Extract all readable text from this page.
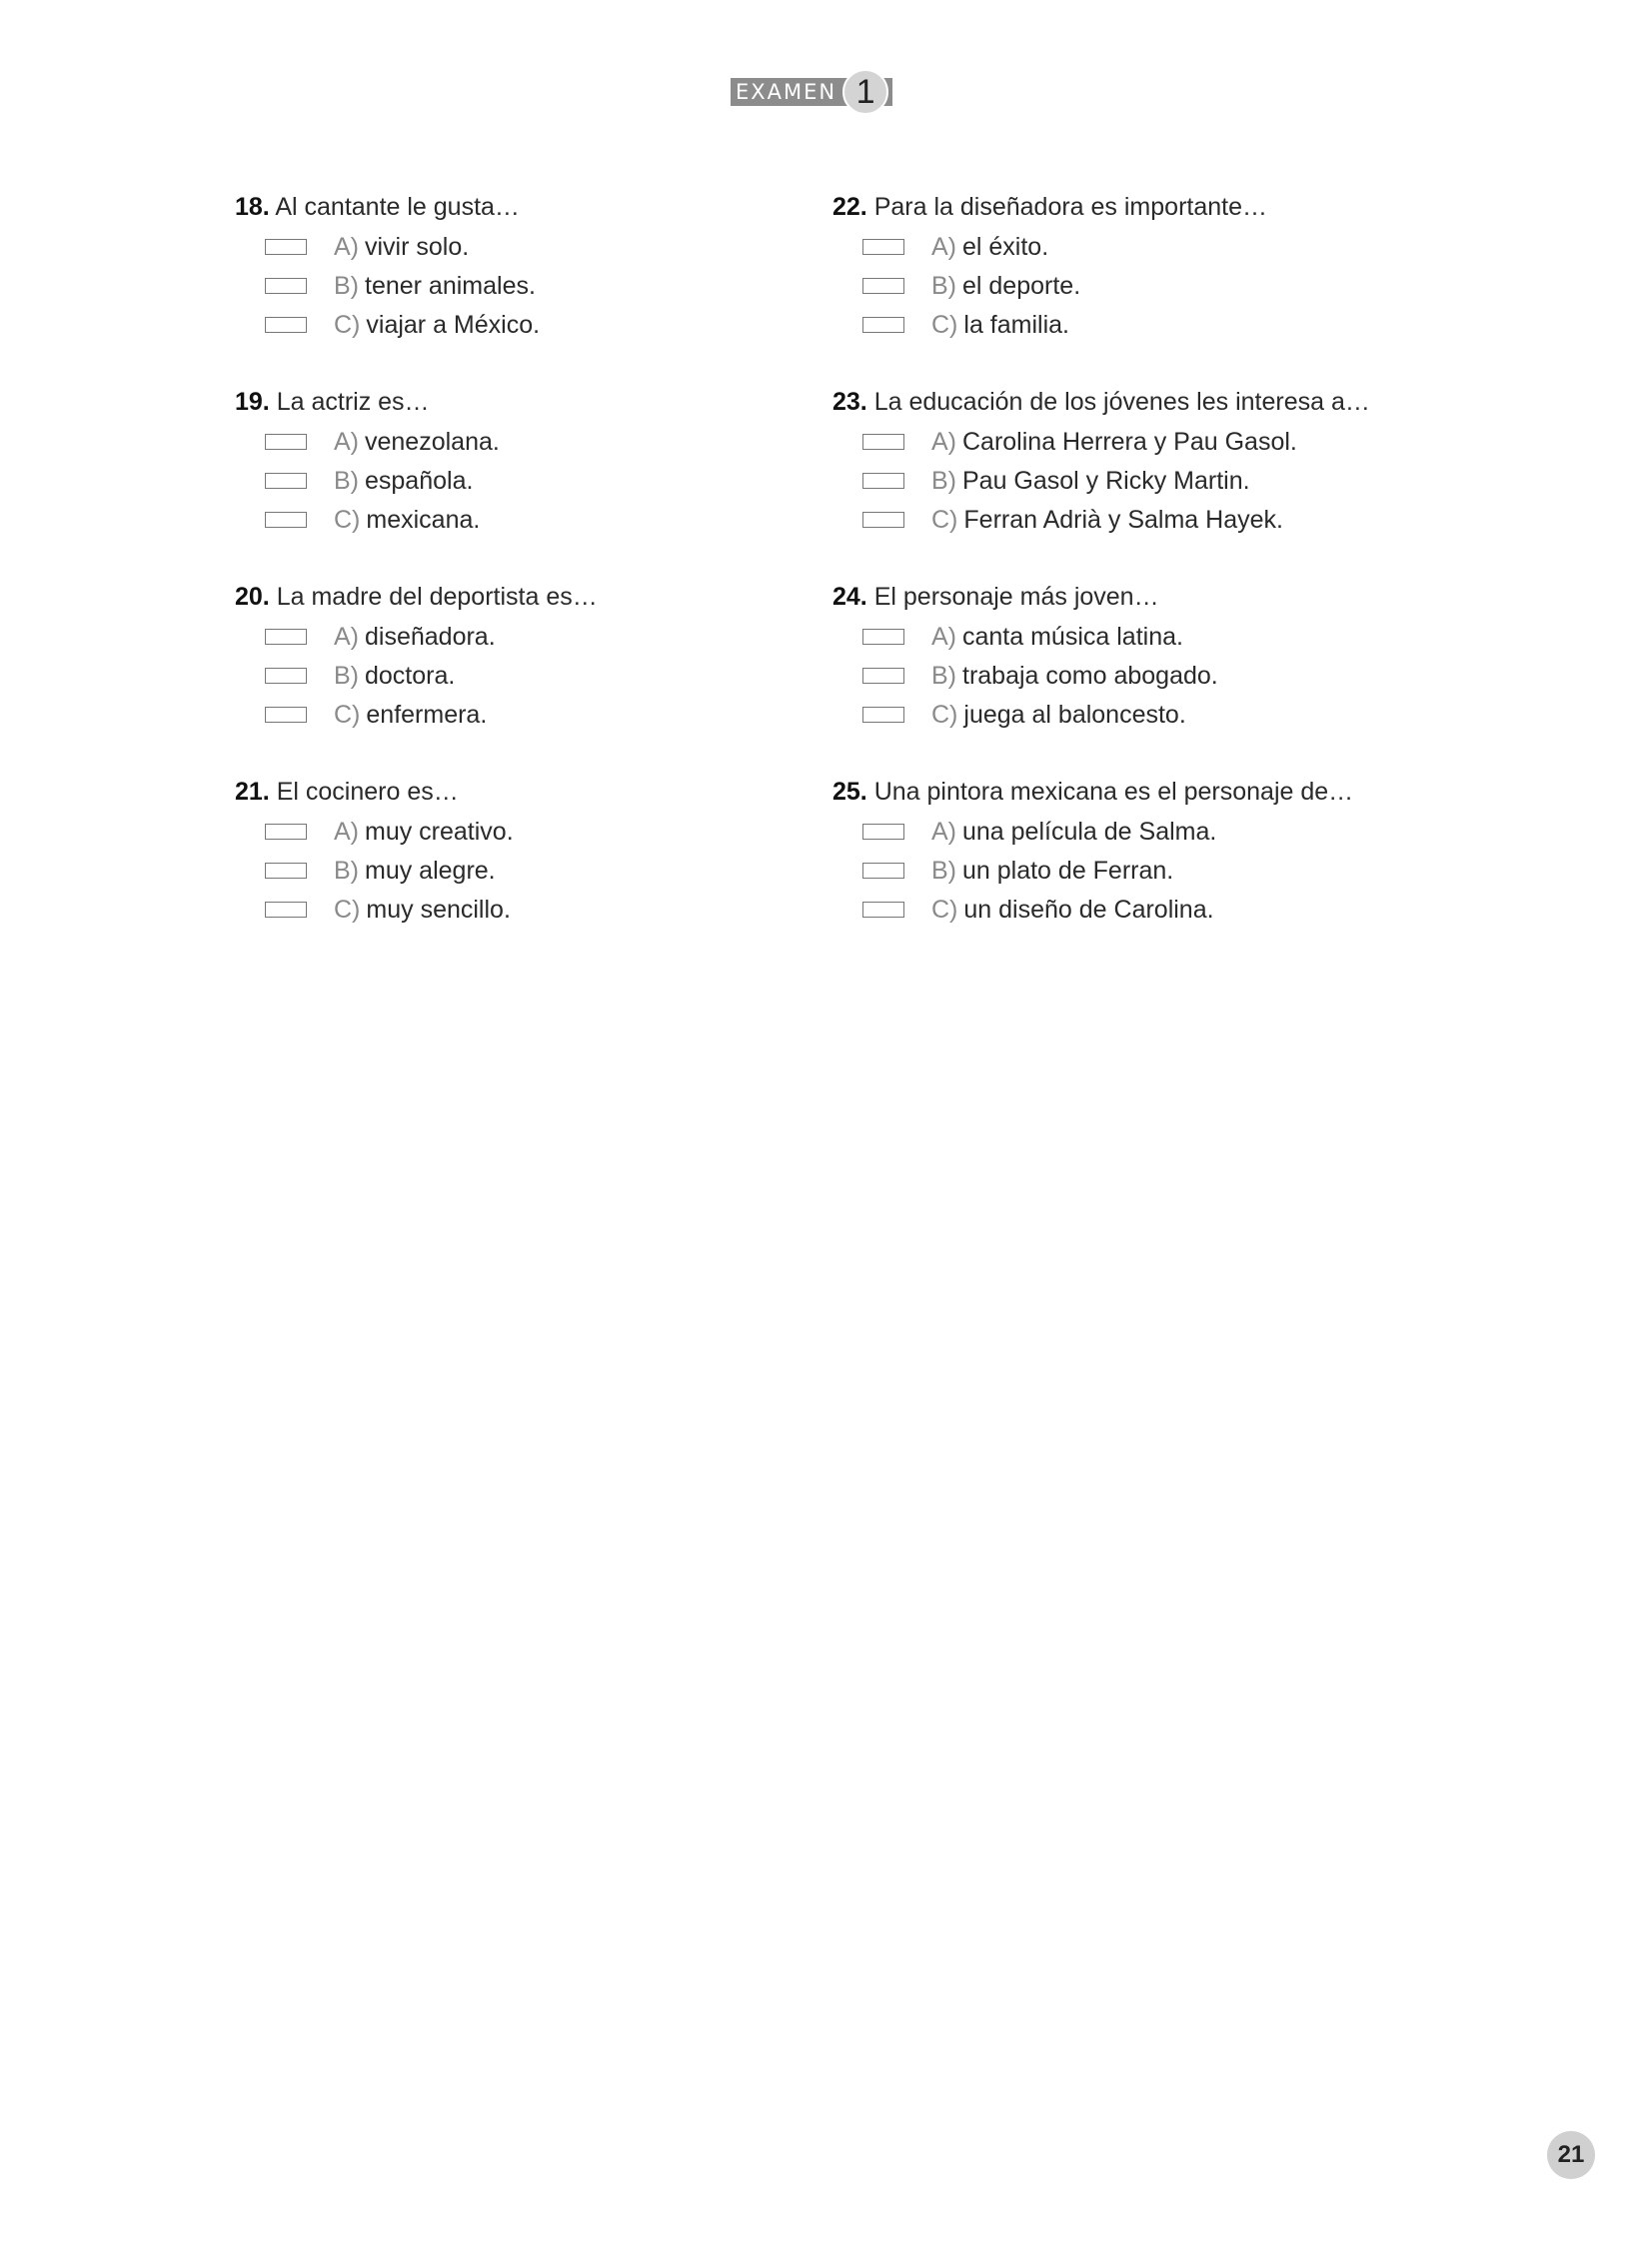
EXAMEN 1
18. Al cantante le gusta…
A) vivir solo.
B) tener animales.
C) viajar a México.
19. La actriz es…
A) venezolana.
B) española.
C) mexicana.
20. La madre del deportista es…
A) diseñadora.
B) doctora.
C) enfermera.
21. El cocinero es…
A) muy creativo.
B) muy alegre.
C) muy sencillo.
22. Para la diseñadora es importante…
A) el éxito.
B) el deporte.
C) la familia.
23. La educación de los jóvenes les interesa a…
A) Carolina Herrera y Pau Gasol.
B) Pau Gasol y Ricky Martin.
C) Ferran Adrià y Salma Hayek.
24. El personaje más joven…
A) canta música latina.
B) trabaja como abogado.
C) juega al baloncesto.
25. Una pintora mexicana es el personaje de…
A) una película de Salma.
B) un plato de Ferran.
C) un diseño de Carolina.
21
